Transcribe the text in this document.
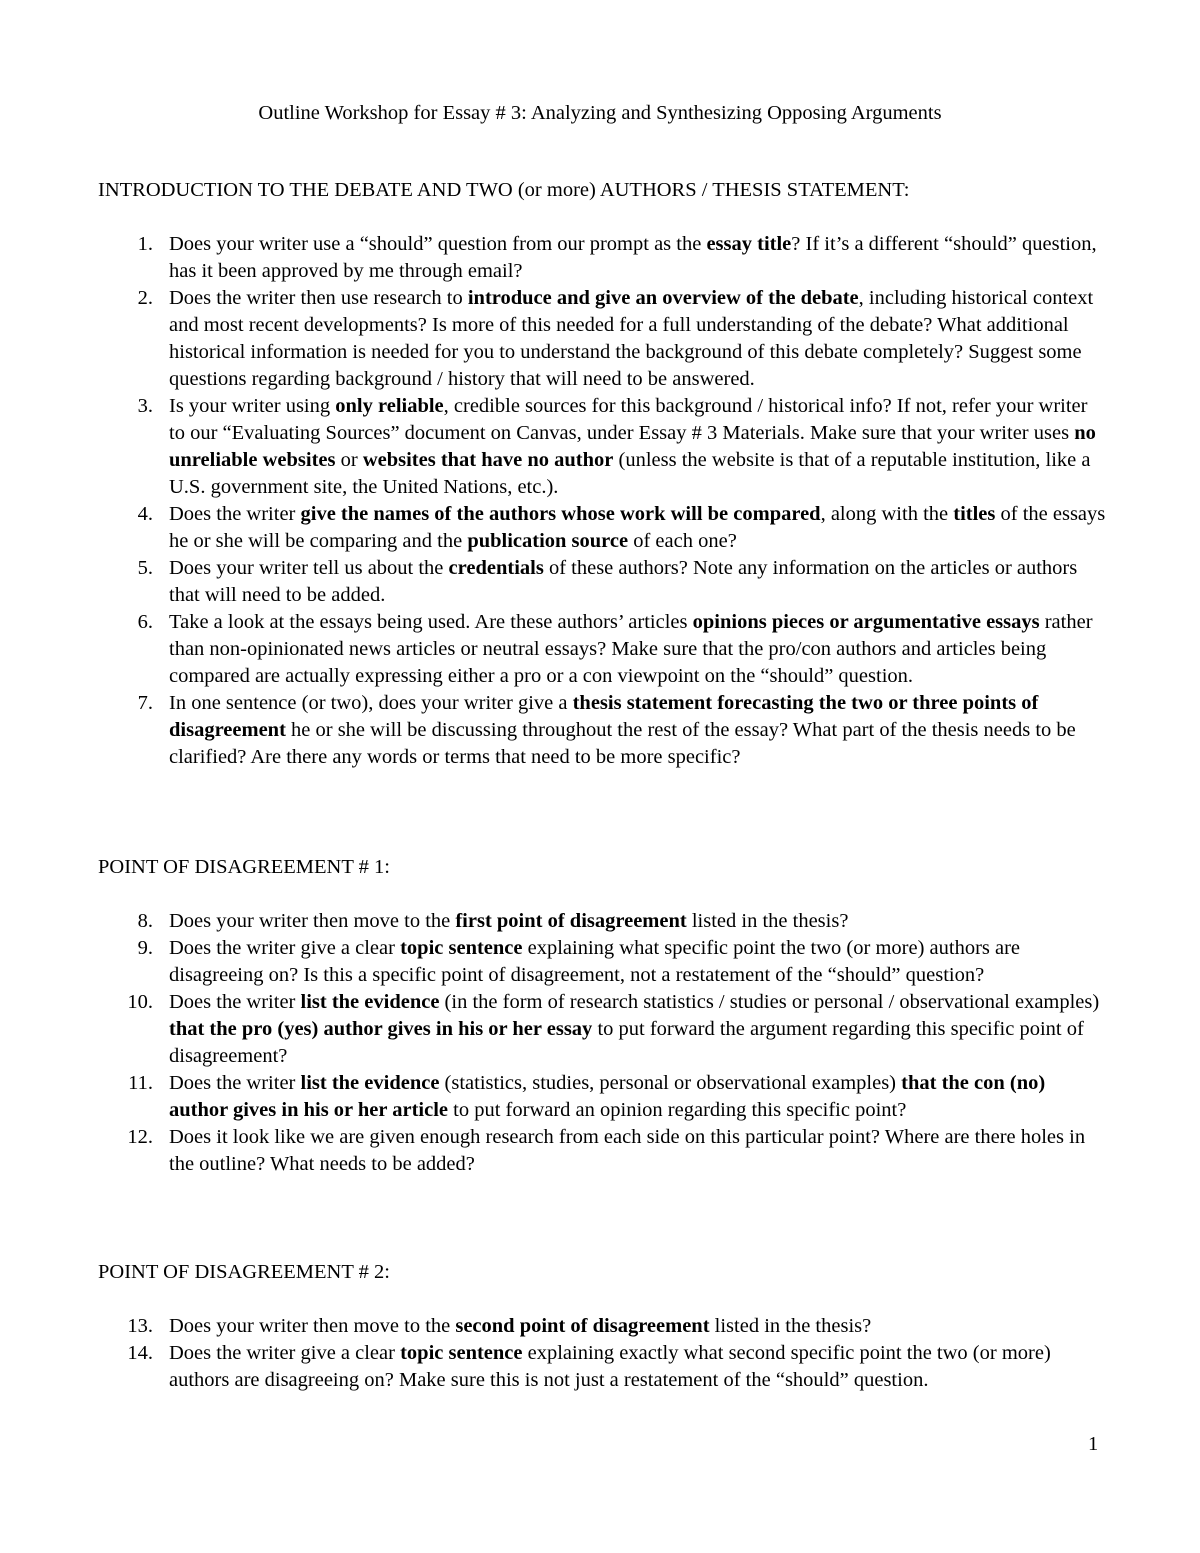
Outline Workshop for Essay # 3: Analyzing and Synthesizing Opposing Arguments
INTRODUCTION TO THE DEBATE AND TWO (or more) AUTHORS / THESIS STATEMENT:
1. Does your writer use a “should” question from our prompt as the essay title? If it’s a different “should” question, has it been approved by me through email?
2. Does the writer then use research to introduce and give an overview of the debate, including historical context and most recent developments? Is more of this needed for a full understanding of the debate? What additional historical information is needed for you to understand the background of this debate completely? Suggest some questions regarding background / history that will need to be answered.
3. Is your writer using only reliable, credible sources for this background / historical info? If not, refer your writer to our “Evaluating Sources” document on Canvas, under Essay # 3 Materials. Make sure that your writer uses no unreliable websites or websites that have no author (unless the website is that of a reputable institution, like a U.S. government site, the United Nations, etc.).
4. Does the writer give the names of the authors whose work will be compared, along with the titles of the essays he or she will be comparing and the publication source of each one?
5. Does your writer tell us about the credentials of these authors? Note any information on the articles or authors that will need to be added.
6. Take a look at the essays being used. Are these authors’ articles opinions pieces or argumentative essays rather than non-opinionated news articles or neutral essays? Make sure that the pro/con authors and articles being compared are actually expressing either a pro or a con viewpoint on the “should” question.
7. In one sentence (or two), does your writer give a thesis statement forecasting the two or three points of disagreement he or she will be discussing throughout the rest of the essay? What part of the thesis needs to be clarified? Are there any words or terms that need to be more specific?
POINT OF DISAGREEMENT # 1:
8. Does your writer then move to the first point of disagreement listed in the thesis?
9. Does the writer give a clear topic sentence explaining what specific point the two (or more) authors are disagreeing on? Is this a specific point of disagreement, not a restatement of the “should” question?
10. Does the writer list the evidence (in the form of research statistics / studies or personal / observational examples) that the pro (yes) author gives in his or her essay to put forward the argument regarding this specific point of disagreement?
11. Does the writer list the evidence (statistics, studies, personal or observational examples) that the con (no) author gives in his or her article to put forward an opinion regarding this specific point?
12. Does it look like we are given enough research from each side on this particular point? Where are there holes in the outline? What needs to be added?
POINT OF DISAGREEMENT # 2:
13. Does your writer then move to the second point of disagreement listed in the thesis?
14. Does the writer give a clear topic sentence explaining exactly what second specific point the two (or more) authors are disagreeing on? Make sure this is not just a restatement of the “should” question.
1
